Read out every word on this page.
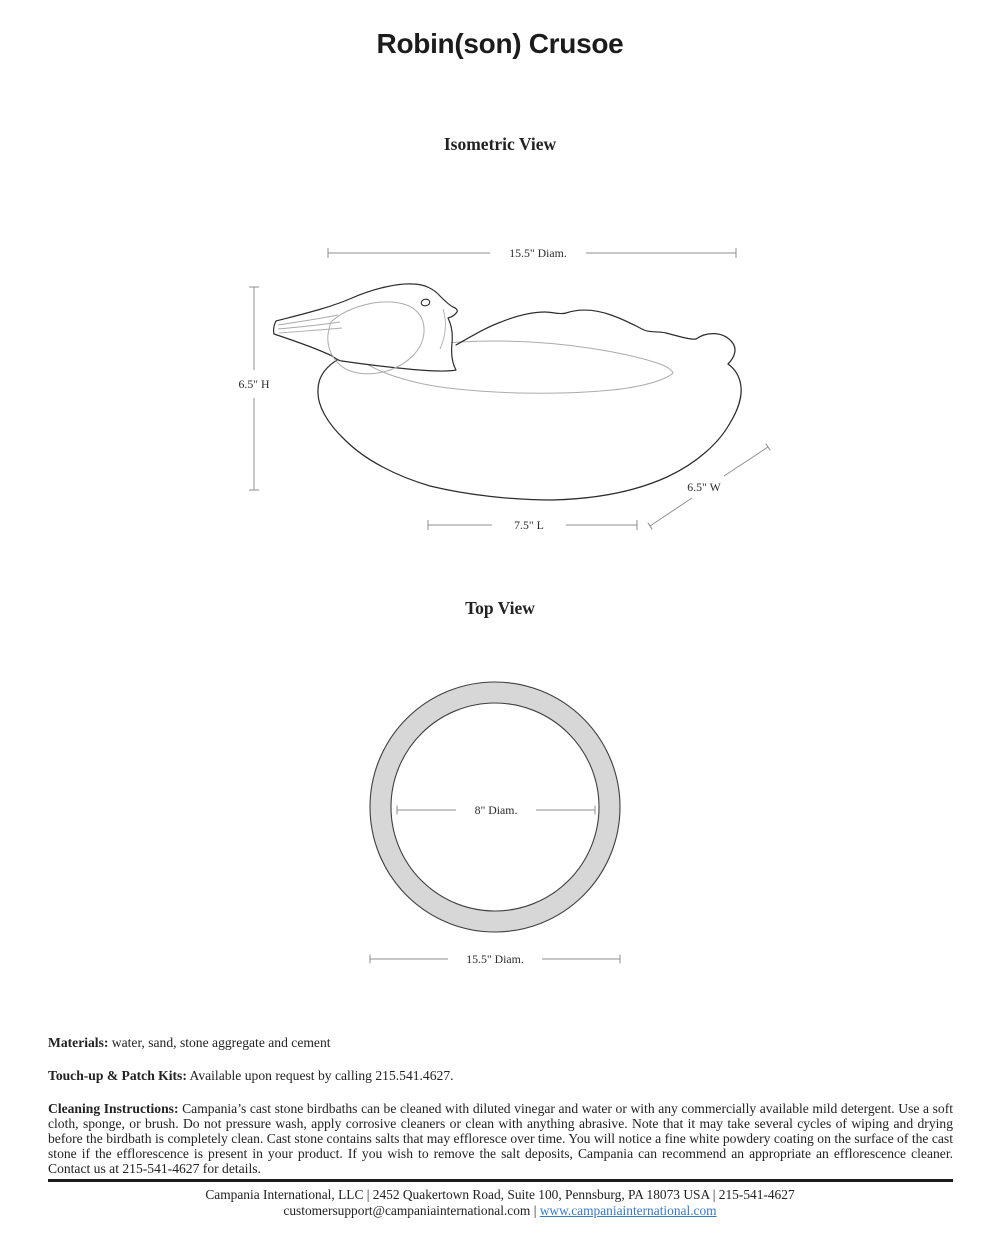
Robin(son) Crusoe
Isometric View
Top View
15.5" Diam.
6.5" H
7.5" L
6.5" W
8" Diam.
15.5" Diam.

Materials: water, sand, stone aggregate and cement

Touch-up & Patch Kits: Available upon request by calling 215.541.4627.

Cleaning Instructions: Campania’s cast stone birdbaths can be cleaned with diluted vinegar and water or with any commercially available mild detergent. Use a soft cloth, sponge, or brush. Do not pressure wash, apply corrosive cleaners or clean with anything abrasive. Note that it may take several cycles of wiping and drying before the birdbath is completely clean. Cast stone contains salts that may effloresce over time. You will notice a fine white powdery coating on the surface of the cast stone if the efflorescence is present in your product. If you wish to remove the salt deposits, Campania can recommend an appropriate an efflorescence cleaner. Contact us at 215-541-4627 for details.

Campania International, LLC | 2452 Quakertown Road, Suite 100, Pennsburg, PA 18073 USA | 215-541-4627
customersupport@campaniainternational.com | www.campaniainternational.com
